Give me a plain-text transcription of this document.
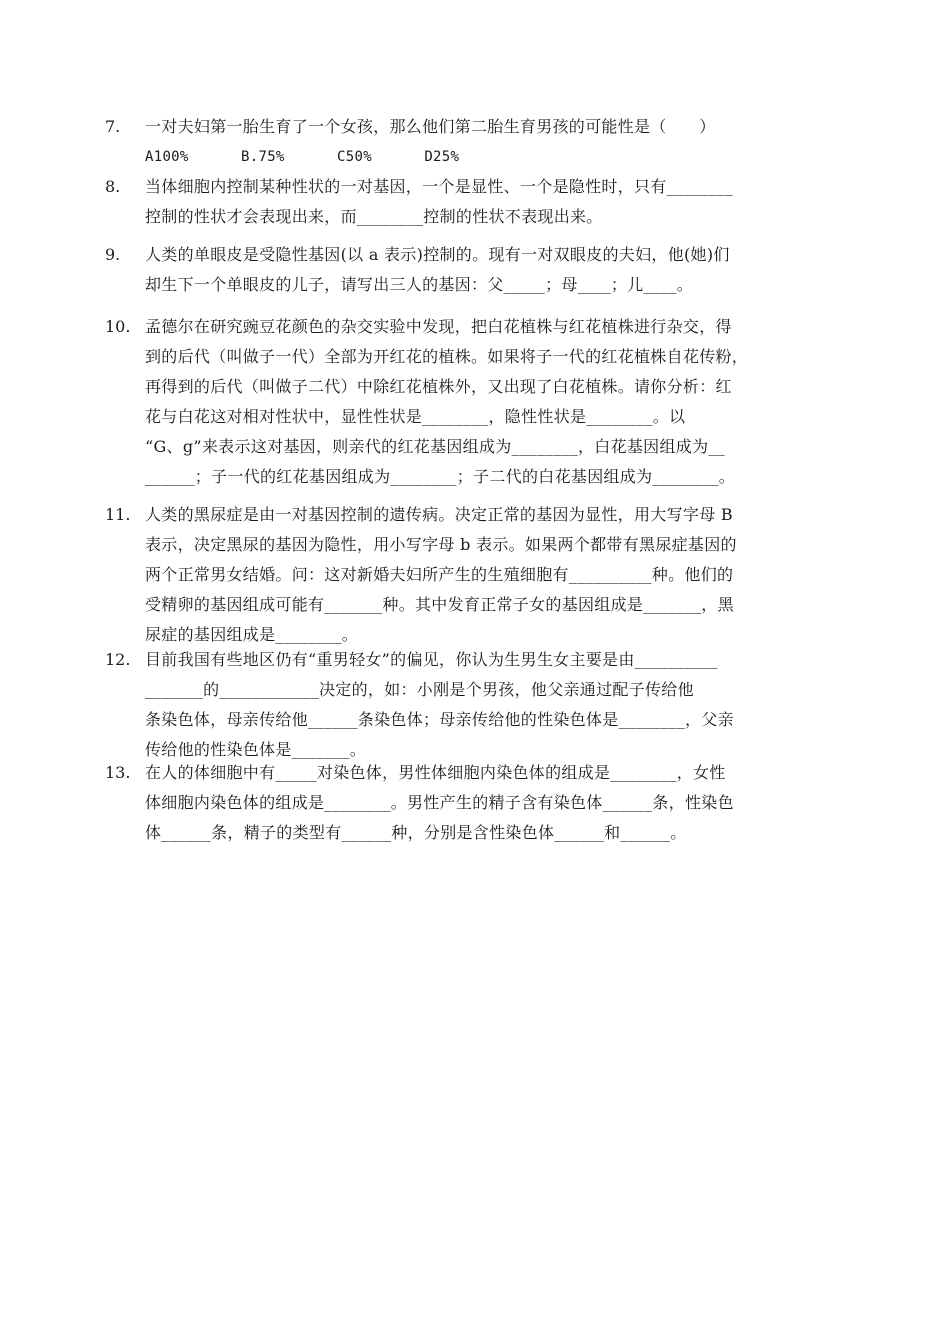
7. 一对夫妇第一胎生育了一个女孩，那么他们第二胎生育男孩的可能性是（　　）
A100%      B.75%      C50%      D25%
8. 当体细胞内控制某种性状的一对基因，一个是显性、一个是隐性时，只有________
控制的性状才会表现出来，而________控制的性状不表现出来。
9. 人类的单眼皮是受隐性基因(以 a 表示)控制的。现有一对双眼皮的夫妇，他(她)们
却生下一个单眼皮的儿子，请写出三人的基因：父_____；母____；儿____。
10. 孟德尔在研究豌豆花颜色的杂交实验中发现，把白花植株与红花植株进行杂交，得
到的后代（叫做子一代）全部为开红花的植株。如果将子一代的红花植株自花传粉，
再得到的后代（叫做子二代）中除红花植株外，又出现了白花植株。请你分析：红
花与白花这对相对性状中，显性性状是________，隐性性状是________。以
“G、g”来表示这对基因，则亲代的红花基因组成为________，白花基因组成为__
______；子一代的红花基因组成为________；子二代的白花基因组成为________。
11. 人类的黑尿症是由一对基因控制的遗传病。决定正常的基因为显性，用大写字母 B
表示，决定黑尿的基因为隐性，用小写字母 b 表示。如果两个都带有黑尿症基因的
两个正常男女结婚。问：这对新婚夫妇所产生的生殖细胞有__________种。他们的
受精卵的基因组成可能有_______种。其中发育正常子女的基因组成是_______，黑
尿症的基因组成是________。
12. 目前我国有些地区仍有“重男轻女”的偏见，你认为生男生女主要是由__________
_______的____________决定的，如：小刚是个男孩，他父亲通过配子传给他
条染色体，母亲传给他______条染色体；母亲传给他的性染色体是________，父亲
传给他的性染色体是_______。
13. 在人的体细胞中有_____对染色体，男性体细胞内染色体的组成是________，女性
体细胞内染色体的组成是________。男性产生的精子含有染色体______条，性染色
体______条，精子的类型有______种，分别是含性染色体______和______。
